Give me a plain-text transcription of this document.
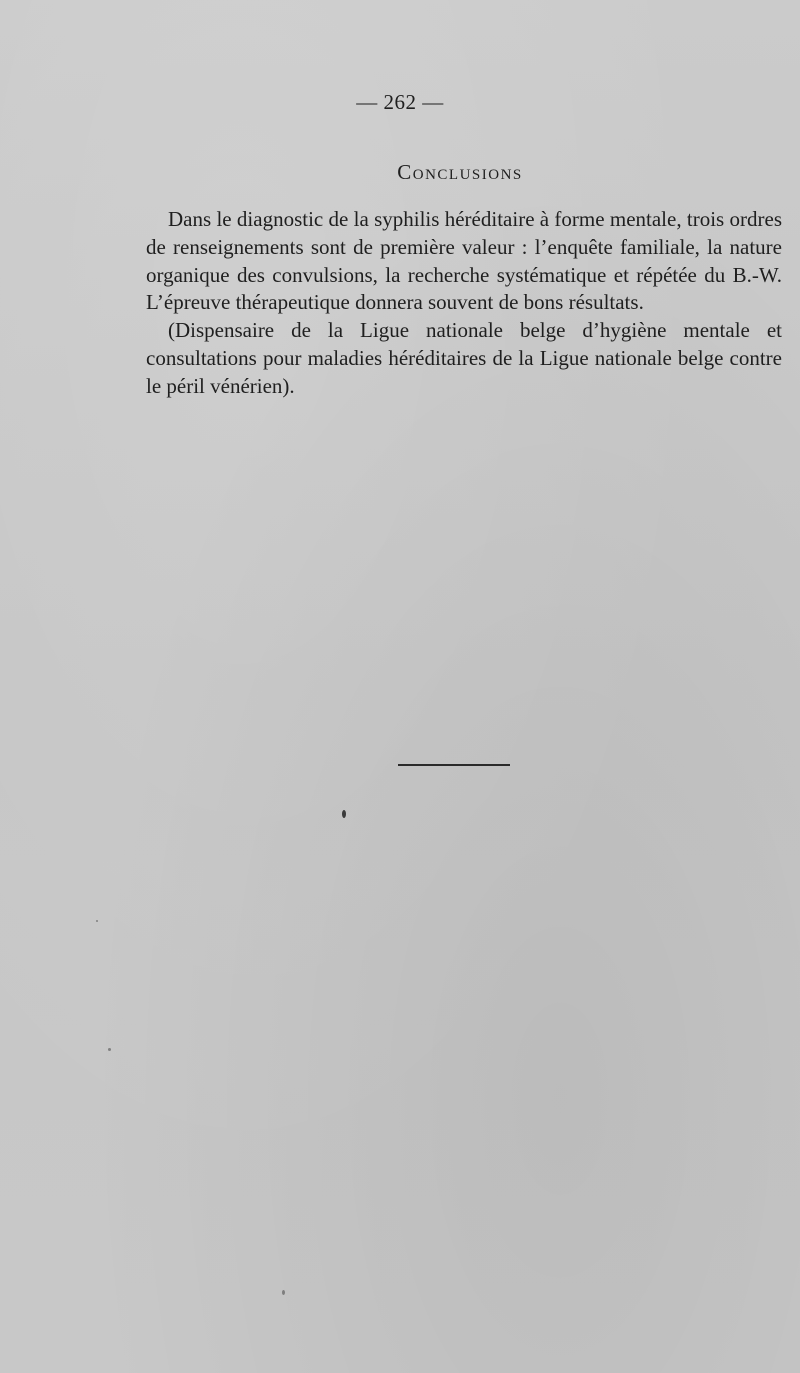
— 262 —
Conclusions

Dans le diagnostic de la syphilis héréditaire à forme mentale, trois ordres de renseignements sont de première valeur : l’enquête familiale, la nature organique des convulsions, la recherche systématique et répétée du B.-W. L’épreuve thérapeutique donnera souvent de bons résultats.

(Dispensaire de la Ligue nationale belge d’hygiène mentale et consultations pour maladies héréditaires de la Ligue nationale belge contre le péril vénérien).
